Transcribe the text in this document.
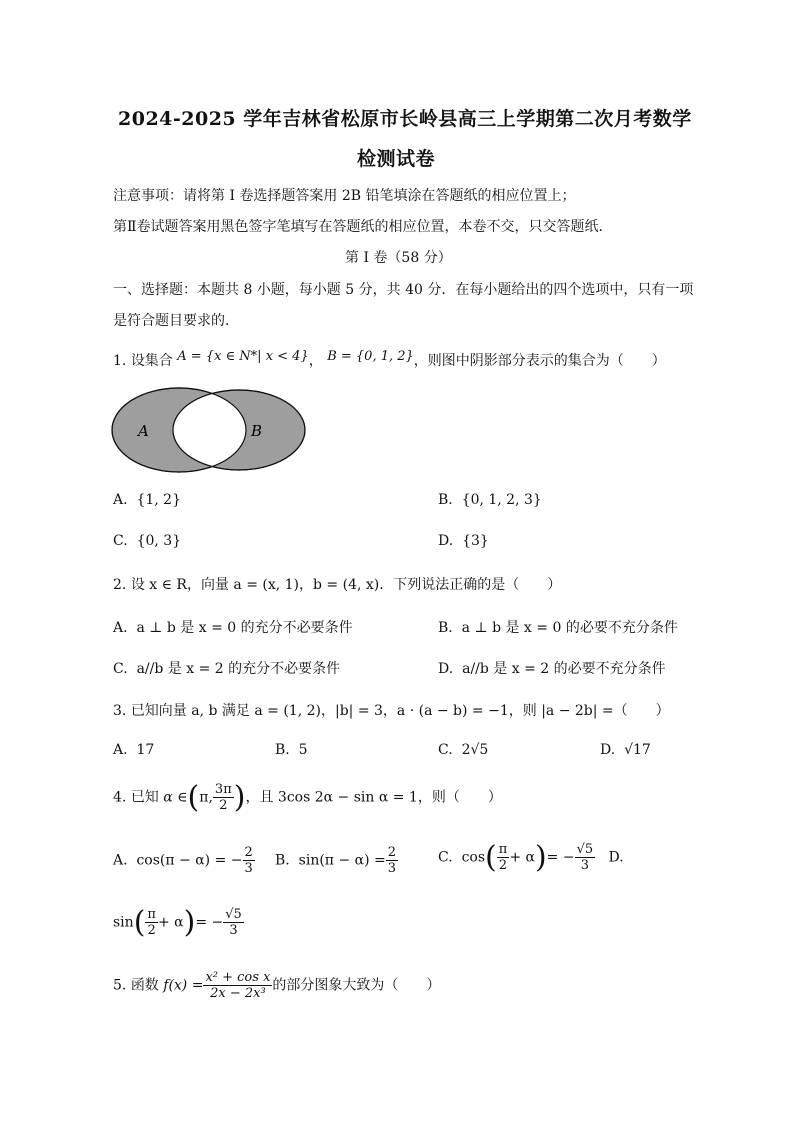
2024-2025 学年吉林省松原市长岭县高三上学期第二次月考数学
检测试卷
注意事项：请将第 I 卷选择题答案用 2B 铅笔填涂在答题纸的相应位置上；
第Ⅱ卷试题答案用黑色签字笔填写在答题纸的相应位置，本卷不交，只交答题纸．
第 I 卷（58 分）
一、选择题：本题共 8 小题，每小题 5 分，共 40 分．在每小题给出的四个选项中，只有一项
是符合题目要求的．
1. 设集合 A = {x ∈ N*| x < 4}， B = {0, 1, 2}，则图中阴影部分表示的集合为（　　）
A	B
A. {1, 2}	B. {0, 1, 2, 3}
C. {0, 3}	D. {3}
2. 设 x ∈ R，向量 a = (x, 1)，b = (4, x)．下列说法正确的是（　　）
A. a ⊥ b 是 x = 0 的充分不必要条件	B. a ⊥ b 是 x = 0 的必要不充分条件
C. a//b 是 x = 2 的充分不必要条件	D. a//b 是 x = 2 的必要不充分条件
3. 已知向量 a, b 满足 a = (1, 2)，|b| = 3，a · (a − b) = −1，则 |a − 2b| =（　　）
A. 17	B. 5	C. 2√5	D. √17
4. 已知 α ∈(π, $\frac{3\pi}{2}$ )，且 3cos 2α − sin α = 1，则（　　）
A. cos(π − α) = − $\frac{2}{3} B$. $\sin(\pi - \alpha) = \frac{2}{3}$	C. $\cos( \frac{\pi}{2} + \alpha)= - \frac{√5}{3} D$.
$\sin( \frac{\pi}{2} + \alpha)= - \frac{√5}{3}$
5. 函数 $f(x) = \frac{\text{x² + cos x}}{\text{2x − 2x³}}$ 的部分图象大致为（　　）
